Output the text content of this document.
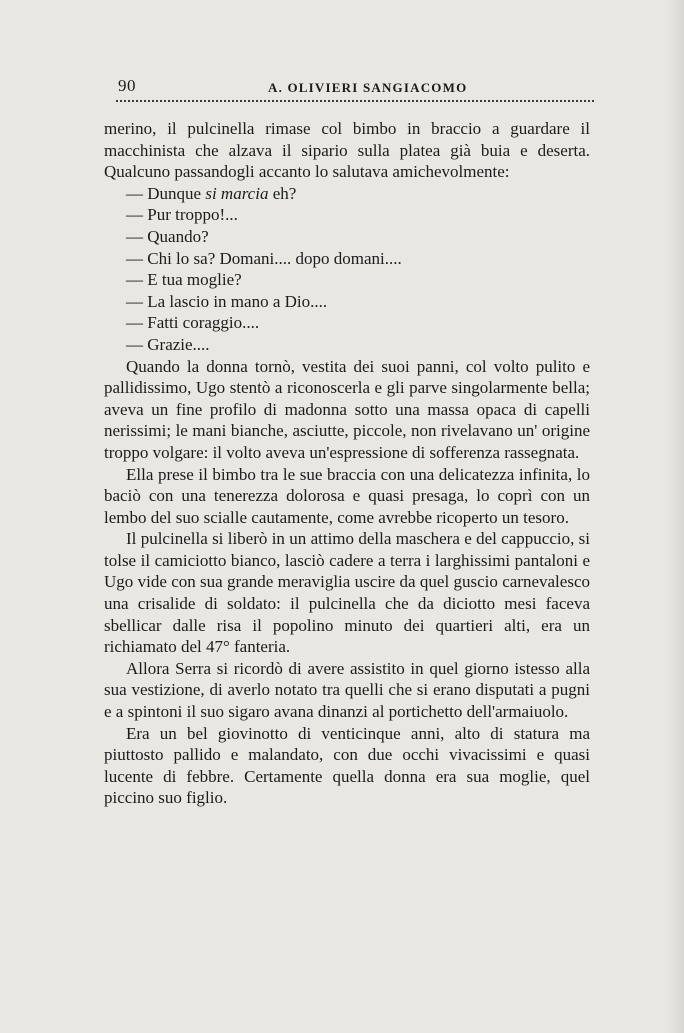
90	A. OLIVIERI SANGIACOMO

merino, il pulcinella rimase col bimbo in braccio a guardare il macchinista che alzava il sipario sulla platea già buia e deserta. Qualcuno passandogli accanto lo salutava amichevolmente:

— Dunque si marcia eh?

— Pur troppo!...

— Quando?

— Chi lo sa? Domani.... dopo domani....

— E tua moglie?

— La lascio in mano a Dio....

— Fatti coraggio....

— Grazie....

Quando la donna tornò, vestita dei suoi panni, col volto pulito e pallidissimo, Ugo stentò a riconoscerla e gli parve singolarmente bella; aveva un fine profilo di madonna sotto una massa opaca di capelli nerissimi; le mani bianche, asciutte, piccole, non rivelavano un' origine troppo volgare: il volto aveva un'espressione di sofferenza rassegnata.

Ella prese il bimbo tra le sue braccia con una delicatezza infinita, lo baciò con una tenerezza dolorosa e quasi presaga, lo coprì con un lembo del suo scialle cautamente, come avrebbe ricoperto un tesoro.

Il pulcinella si liberò in un attimo della maschera e del cappuccio, si tolse il camiciotto bianco, lasciò cadere a terra i larghissimi pantaloni e Ugo vide con sua grande meraviglia uscire da quel guscio carnevalesco una crisalide di soldato: il pulcinella che da diciotto mesi faceva sbellicar dalle risa il popolino minuto dei quartieri alti, era un richiamato del 47° fanteria.

Allora Serra si ricordò di avere assistito in quel giorno istesso alla sua vestizione, di averlo notato tra quelli che si erano disputati a pugni e a spintoni il suo sigaro avana dinanzi al portichetto dell'armaiuolo.

Era un bel giovinotto di venticinque anni, alto di statura ma piuttosto pallido e malandato, con due occhi vivacissimi e quasi lucente di febbre. Certamente quella donna era sua moglie, quel piccino suo figlio.
